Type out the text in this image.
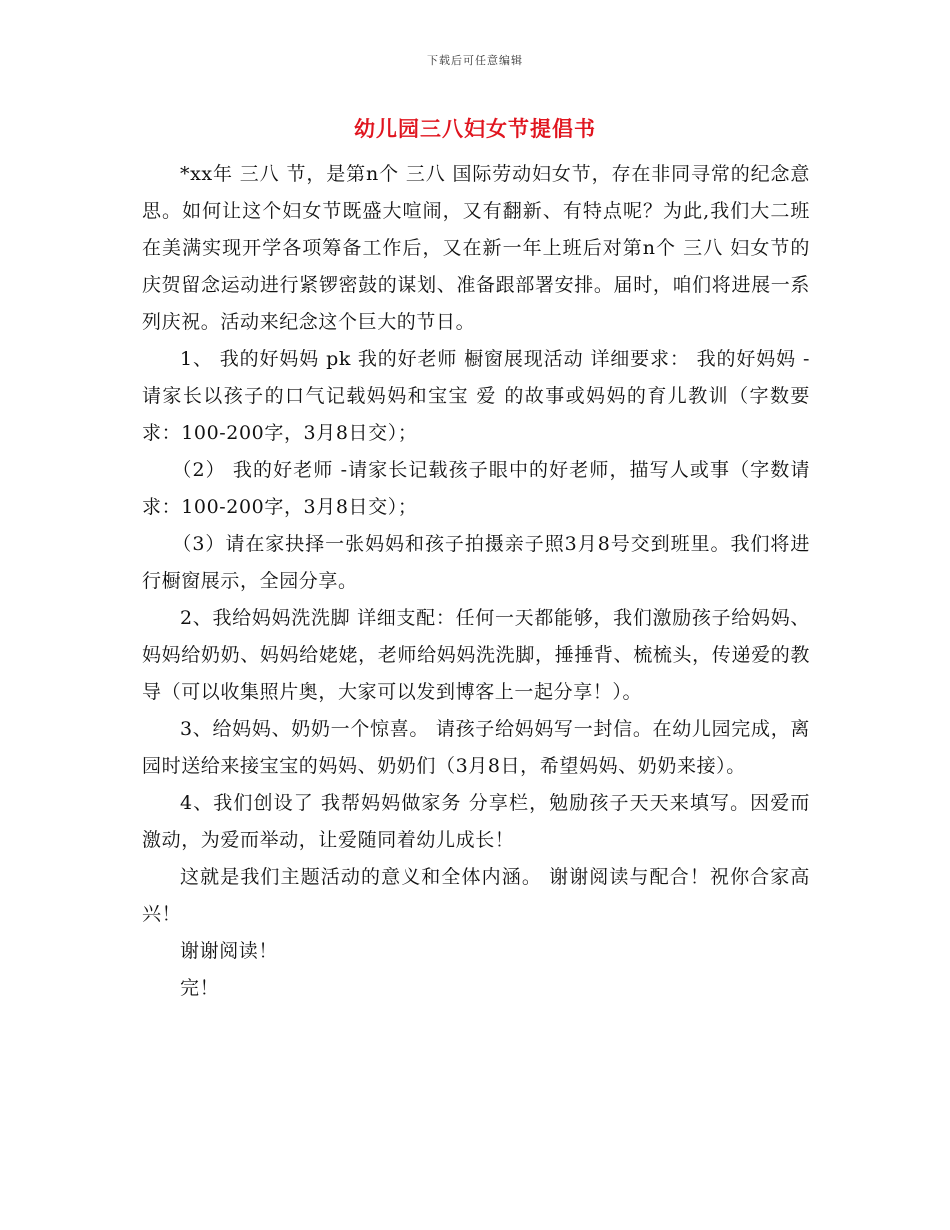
下载后可任意编辑
幼儿园三八妇女节提倡书

*xx年 三八 节，是第n个 三八 国际劳动妇女节，存在非同寻常的纪念意思。如何让这个妇女节既盛大喧闹，又有翻新、有特点呢？为此,我们大二班在美满实现开学各项筹备工作后，又在新一年上班后对第n个 三八 妇女节的庆贺留念运动进行紧锣密鼓的谋划、准备跟部署安排。届时，咱们将进展一系列庆祝。活动来纪念这个巨大的节日。

1、 我的好妈妈 pk 我的好老师 橱窗展现活动 详细要求： 我的好妈妈 -请家长以孩子的口气记载妈妈和宝宝 爱 的故事或妈妈的育儿教训（字数要求：100-200字，3月8日交）；

（2） 我的好老师 -请家长记载孩子眼中的好老师，描写人或事（字数请求：100-200字，3月8日交）；

（3）请在家抉择一张妈妈和孩子拍摄亲子照3月8号交到班里。我们将进行橱窗展示，全园分享。

2、我给妈妈洗洗脚 详细支配：任何一天都能够，我们激励孩子给妈妈、妈妈给奶奶、妈妈给姥姥，老师给妈妈洗洗脚，捶捶背、梳梳头，传递爱的教导（可以收集照片奥，大家可以发到博客上一起分享！）。

3、给妈妈、奶奶一个惊喜。 请孩子给妈妈写一封信。在幼儿园完成，离园时送给来接宝宝的妈妈、奶奶们（3月8日，希望妈妈、奶奶来接）。

4、我们创设了 我帮妈妈做家务 分享栏，勉励孩子天天来填写。因爱而激动，为爱而举动，让爱随同着幼儿成长！

这就是我们主题活动的意义和全体内涵。 谢谢阅读与配合！祝你合家高兴！

谢谢阅读！

完！
